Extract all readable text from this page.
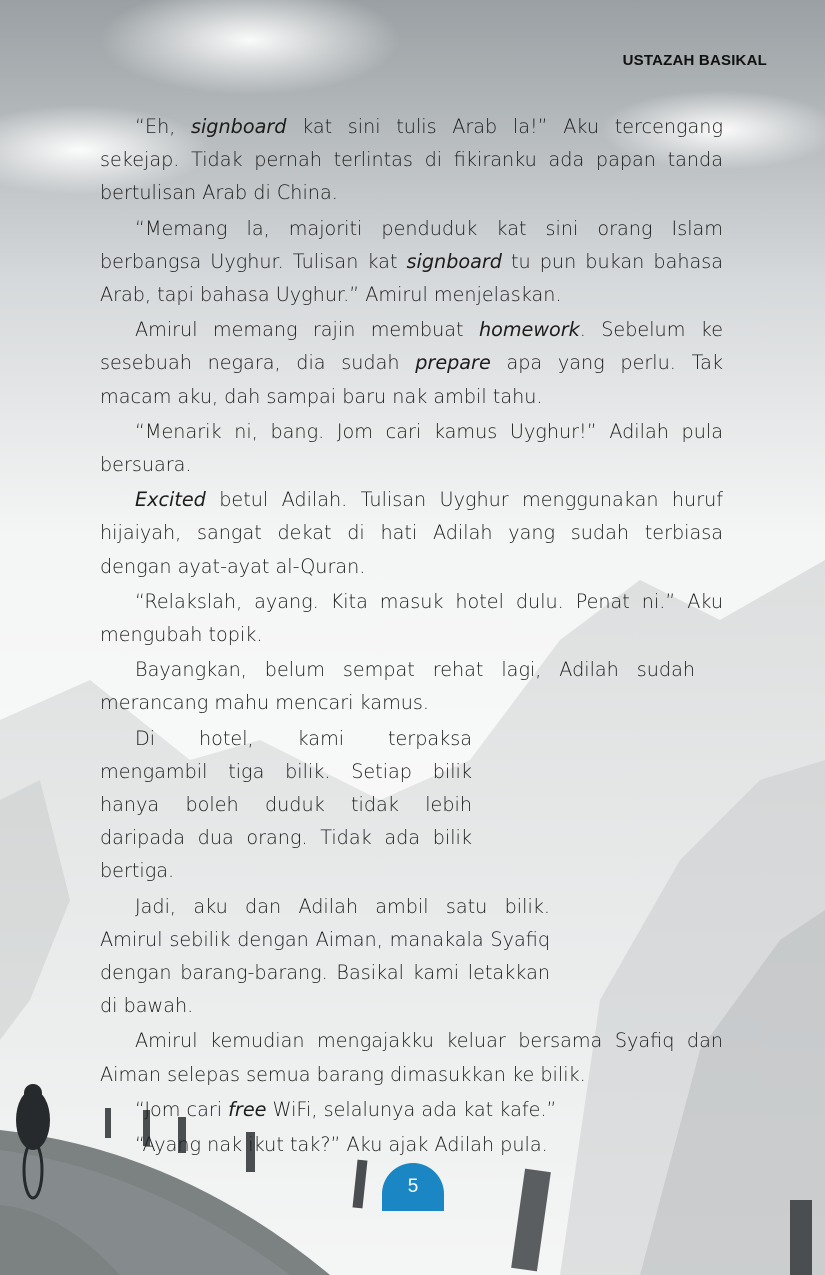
USTAZAH BASIKAL

“Eh, signboard kat sini tulis Arab la!” Aku tercengang sekejap. Tidak pernah terlintas di fikiranku ada papan tanda bertulisan Arab di China.

“Memang la, majoriti penduduk kat sini orang Islam berbangsa Uyghur. Tulisan kat signboard tu pun bukan bahasa Arab, tapi bahasa Uyghur.” Amirul menjelaskan.

Amirul memang rajin membuat homework. Sebelum ke sesebuah negara, dia sudah prepare apa yang perlu. Tak macam aku, dah sampai baru nak ambil tahu.

“Menarik ni, bang. Jom cari kamus Uyghur!” Adilah pula bersuara.

Excited betul Adilah. Tulisan Uyghur menggunakan huruf hijaiyah, sangat dekat di hati Adilah yang sudah terbiasa dengan ayat-ayat al-Quran.

“Relakslah, ayang. Kita masuk hotel dulu. Penat ni.” Aku mengubah topik.

Bayangkan, belum sempat rehat lagi, Adilah sudah merancang mahu mencari kamus.

Di hotel, kami terpaksa mengambil tiga bilik. Setiap bilik hanya boleh duduk tidak lebih daripada dua orang. Tidak ada bilik bertiga.

Jadi, aku dan Adilah ambil satu bilik. Amirul sebilik dengan Aiman, manakala Syafiq dengan barang-barang. Basikal kami letakkan di bawah.

Amirul kemudian mengajakku keluar bersama Syafiq dan Aiman selepas semua barang dimasukkan ke bilik.

“Jom cari free WiFi, selalunya ada kat kafe.”

“Ayang nak ikut tak?” Aku ajak Adilah pula.

5
